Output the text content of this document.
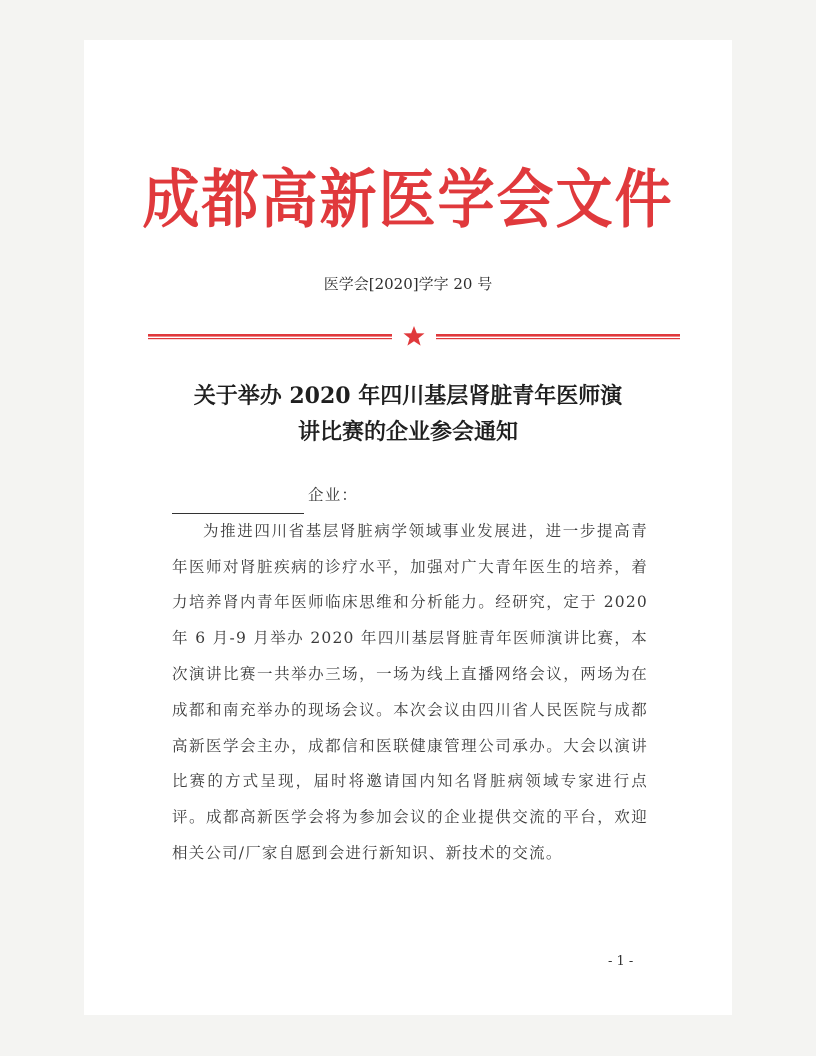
成都高新医学会文件
医学会[2020]学字 20 号
关于举办 2020 年四川基层肾脏青年医师演
讲比赛的企业参会通知

企业：

为推进四川省基层肾脏病学领域事业发展进，进一步提高青年医师对肾脏疾病的诊疗水平，加强对广大青年医生的培养，着力培养肾内青年医师临床思维和分析能力。经研究，定于 2020 年 6 月-9 月举办 2020 年四川基层肾脏青年医师演讲比赛，本次演讲比赛一共举办三场，一场为线上直播网络会议，两场为在成都和南充举办的现场会议。本次会议由四川省人民医院与成都高新医学会主办，成都信和医联健康管理公司承办。大会以演讲比赛的方式呈现，届时将邀请国内知名肾脏病领域专家进行点评。成都高新医学会将为参加会议的企业提供交流的平台，欢迎相关公司/厂家自愿到会进行新知识、新技术的交流。

- 1 -
